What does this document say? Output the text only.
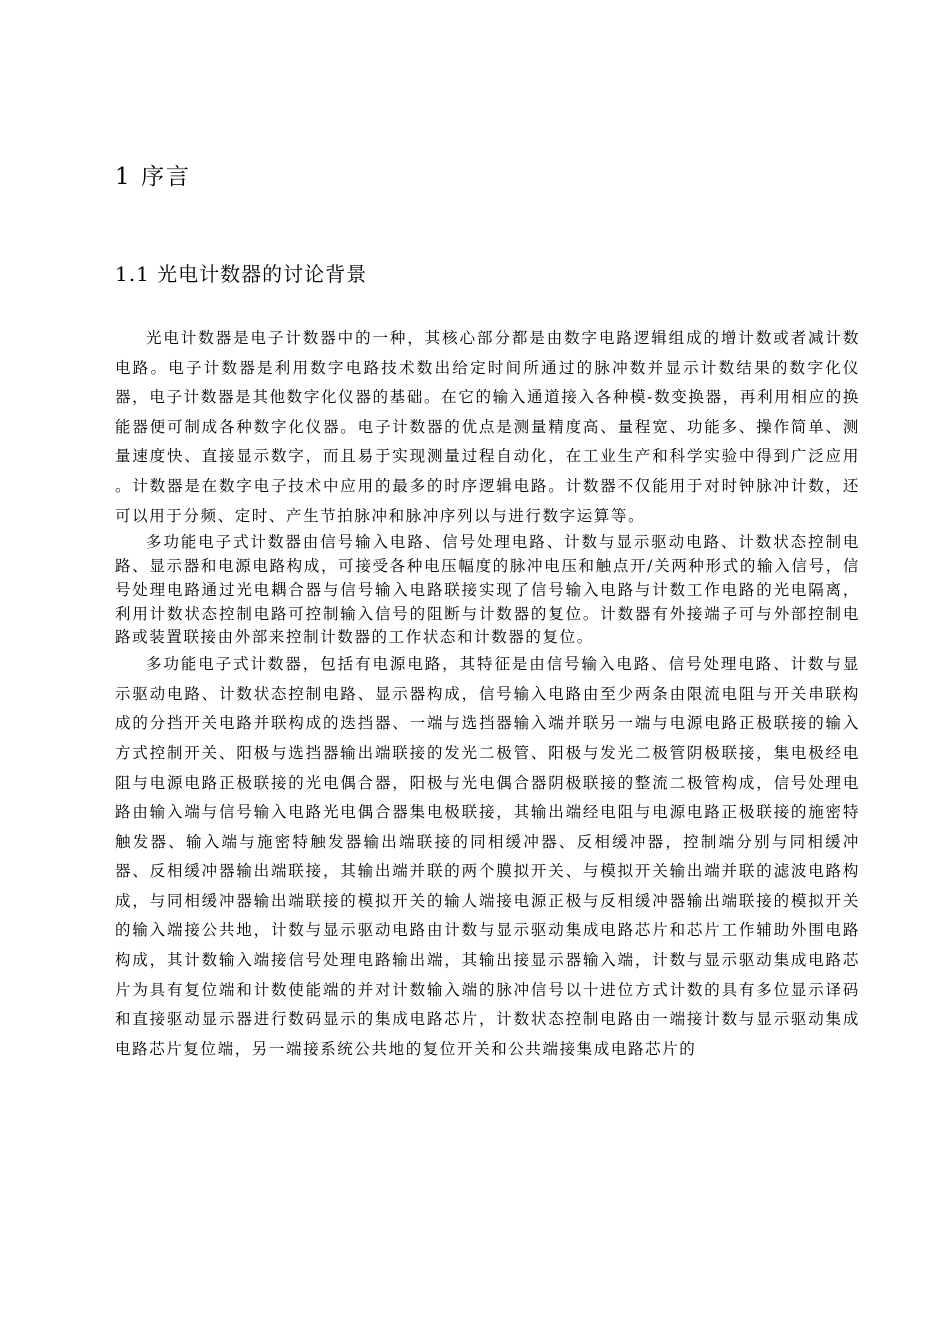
1 序言
1.1 光电计数器的讨论背景

光电计数器是电子计数器中的一种，其核心部分都是由数字电路逻辑组成的增计数或者减计数电路。电子计数器是利用数字电路技术数出给定时间所通过的脉冲数并显示计数结果的数字化仪器，电子计数器是其他数字化仪器的基础。在它的输入通道接入各种模-数变换器，再利用相应的换能器便可制成各种数字化仪器。电子计数器的优点是测量精度高、量程宽、功能多、操作简单、测量速度快、直接显示数字，而且易于实现测量过程自动化，在工业生产和科学实验中得到广泛应用 。计数器是在数字电子技术中应用的最多的时序逻辑电路。计数器不仅能用于对时钟脉冲计数，还可以用于分频、定时、产生节拍脉冲和脉冲序列以与进行数字运算等。

多功能电子式计数器由信号输入电路、信号处理电路、计数与显示驱动电路、计数状态控制电路、显示器和电源电路构成，可接受各种电压幅度的脉冲电压和触点开/关两种形式的输入信号，信号处理电路通过光电耦合器与信号输入电路联接实现了信号输入电路与计数工作电路的光电隔离，利用计数状态控制电路可控制输入信号的阻断与计数器的复位。计数器有外接端子可与外部控制电路或装置联接由外部来控制计数器的工作状态和计数器的复位。

多功能电子式计数器，包括有电源电路，其特征是由信号输入电路、信号处理电路、计数与显示驱动电路、计数状态控制电路、显示器构成，信号输入电路由至少两条由限流电阻与开关串联构成的分挡开关电路并联构成的迭挡器、一端与选挡器输入端并联另一端与电源电路正极联接的输入方式控制开关、阳极与选挡器输出端联接的发光二极管、阳极与发光二极管阴极联接，集电极经电阻与电源电路正极联接的光电偶合器，阳极与光电偶合器阴极联接的整流二极管构成，信号处理电路由输入端与信号输入电路光电偶合器集电极联接，其输出端经电阻与电源电路正极联接的施密特触发器、输入端与施密特触发器输出端联接的同相缓冲器、反相缓冲器，控制端分别与同相缓冲器、反相缓冲器输出端联接，其输出端并联的两个膜拟开关、与模拟开关输出端并联的滤波电路构成，与同相缓冲器输出端联接的模拟开关的输人端接电源正极与反相缓冲器输出端联接的模拟开关的输入端接公共地，计数与显示驱动电路由计数与显示驱动集成电路芯片和芯片工作辅助外围电路构成，其计数输入端接信号处理电路输出端，其输出接显示器输入端，计数与显示驱动集成电路芯片为具有复位端和计数使能端的并对计数输入端的脉冲信号以十进位方式计数的具有多位显示译码和直接驱动显示器进行数码显示的集成电路芯片，计数状态控制电路由一端接计数与显示驱动集成电路芯片复位端，另一端接系统公共地的复位开关和公共端接集成电路芯片的
